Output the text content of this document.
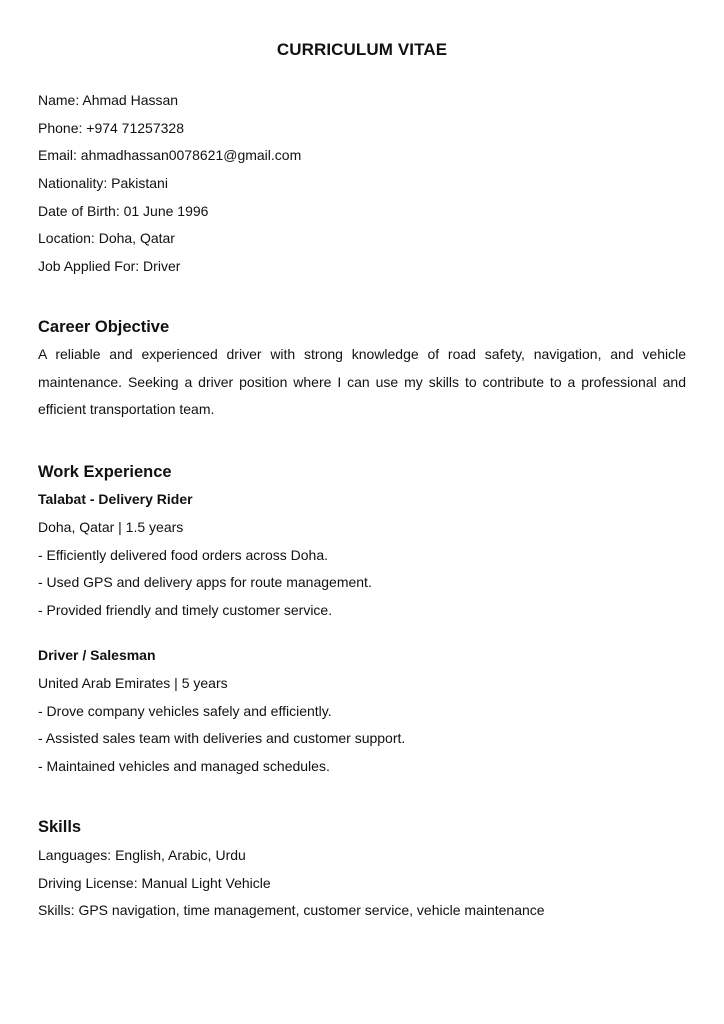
CURRICULUM VITAE
Name: Ahmad Hassan
Phone: +974 71257328
Email: ahmadhassan0078621@gmail.com
Nationality: Pakistani
Date of Birth: 01 June 1996
Location: Doha, Qatar
Job Applied For: Driver
Career Objective
A reliable and experienced driver with strong knowledge of road safety, navigation, and vehicle maintenance. Seeking a driver position where I can use my skills to contribute to a professional and efficient transportation team.
Work Experience
Talabat - Delivery Rider
Doha, Qatar | 1.5 years
- Efficiently delivered food orders across Doha.
- Used GPS and delivery apps for route management.
- Provided friendly and timely customer service.
Driver / Salesman
United Arab Emirates | 5 years
- Drove company vehicles safely and efficiently.
- Assisted sales team with deliveries and customer support.
- Maintained vehicles and managed schedules.
Skills
Languages: English, Arabic, Urdu
Driving License: Manual Light Vehicle
Skills: GPS navigation, time management, customer service, vehicle maintenance
